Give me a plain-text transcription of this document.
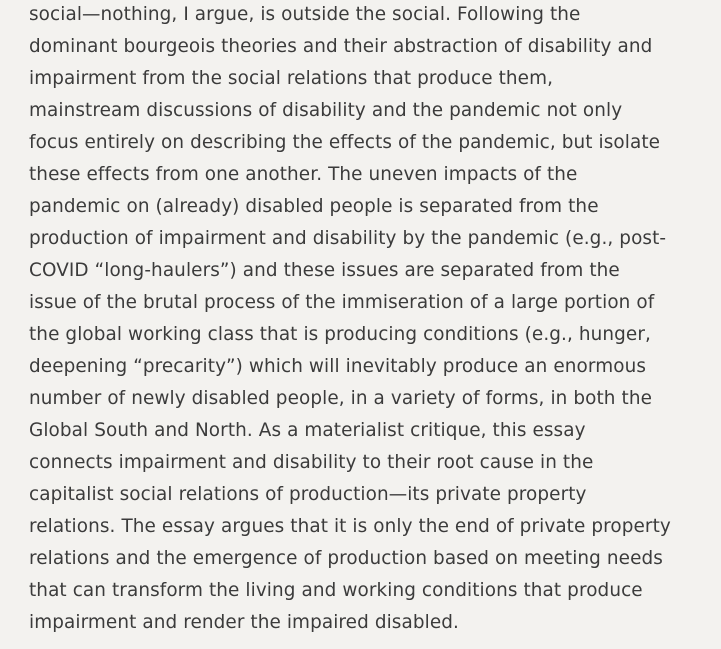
social—nothing, I argue, is outside the social. Following the
dominant bourgeois theories and their abstraction of disability and
impairment from the social relations that produce them,
mainstream discussions of disability and the pandemic not only
focus entirely on describing the effects of the pandemic, but isolate
these effects from one another. The uneven impacts of the
pandemic on (already) disabled people is separated from the
production of impairment and disability by the pandemic (e.g., post-
COVID “long-haulers”) and these issues are separated from the
issue of the brutal process of the immiseration of a large portion of
the global working class that is producing conditions (e.g., hunger,
deepening “precarity”) which will inevitably produce an enormous
number of newly disabled people, in a variety of forms, in both the
Global South and North. As a materialist critique, this essay
connects impairment and disability to their root cause in the
capitalist social relations of production—its private property
relations. The essay argues that it is only the end of private property
relations and the emergence of production based on meeting needs
that can transform the living and working conditions that produce
impairment and render the impaired disabled.
